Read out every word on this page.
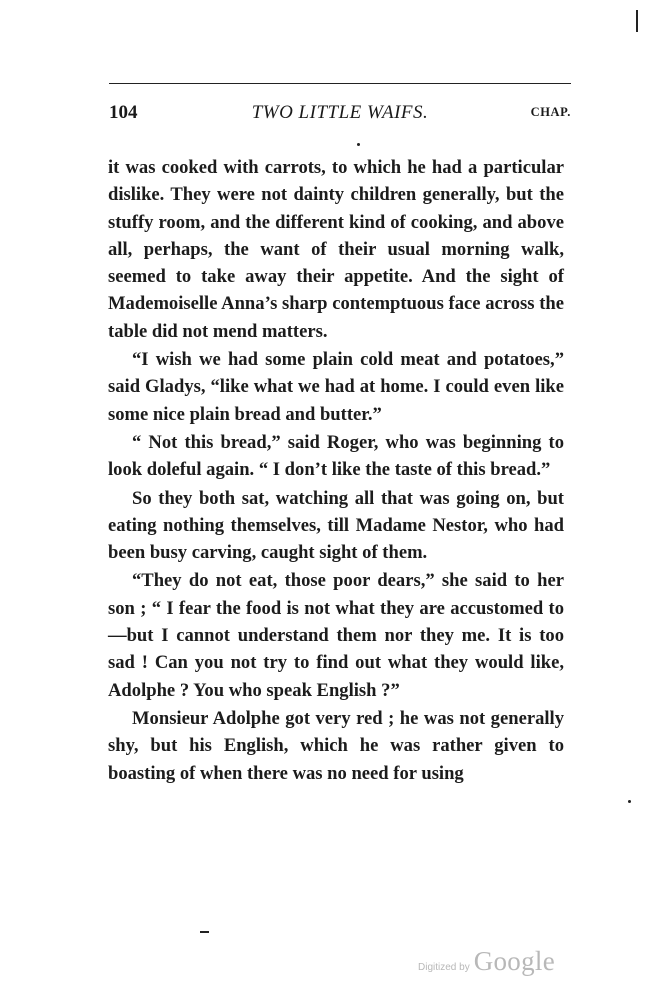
104	TWO LITTLE WAIFS.	CHAP.

it was cooked with carrots, to which he had a particular dislike. They were not dainty children generally, but the stuffy room, and the different kind of cooking, and above all, perhaps, the want of their usual morning walk, seemed to take away their appetite. And the sight of Mademoiselle Anna’s sharp contemptuous face across the table did not mend matters.

“I wish we had some plain cold meat and potatoes,” said Gladys, “like what we had at home. I could even like some nice plain bread and butter.”

“ Not this bread,” said Roger, who was beginning to look doleful again. “ I don’t like the taste of this bread.”

So they both sat, watching all that was going on, but eating nothing themselves, till Madame Nestor, who had been busy carving, caught sight of them.

“They do not eat, those poor dears,” she said to her son ; “ I fear the food is not what they are accustomed to—but I cannot understand them nor they me. It is too sad ! Can you not try to find out what they would like, Adolphe ? You who speak English ?”

Monsieur Adolphe got very red ; he was not generally shy, but his English, which he was rather given to boasting of when there was no need for using

Digitized by Google
